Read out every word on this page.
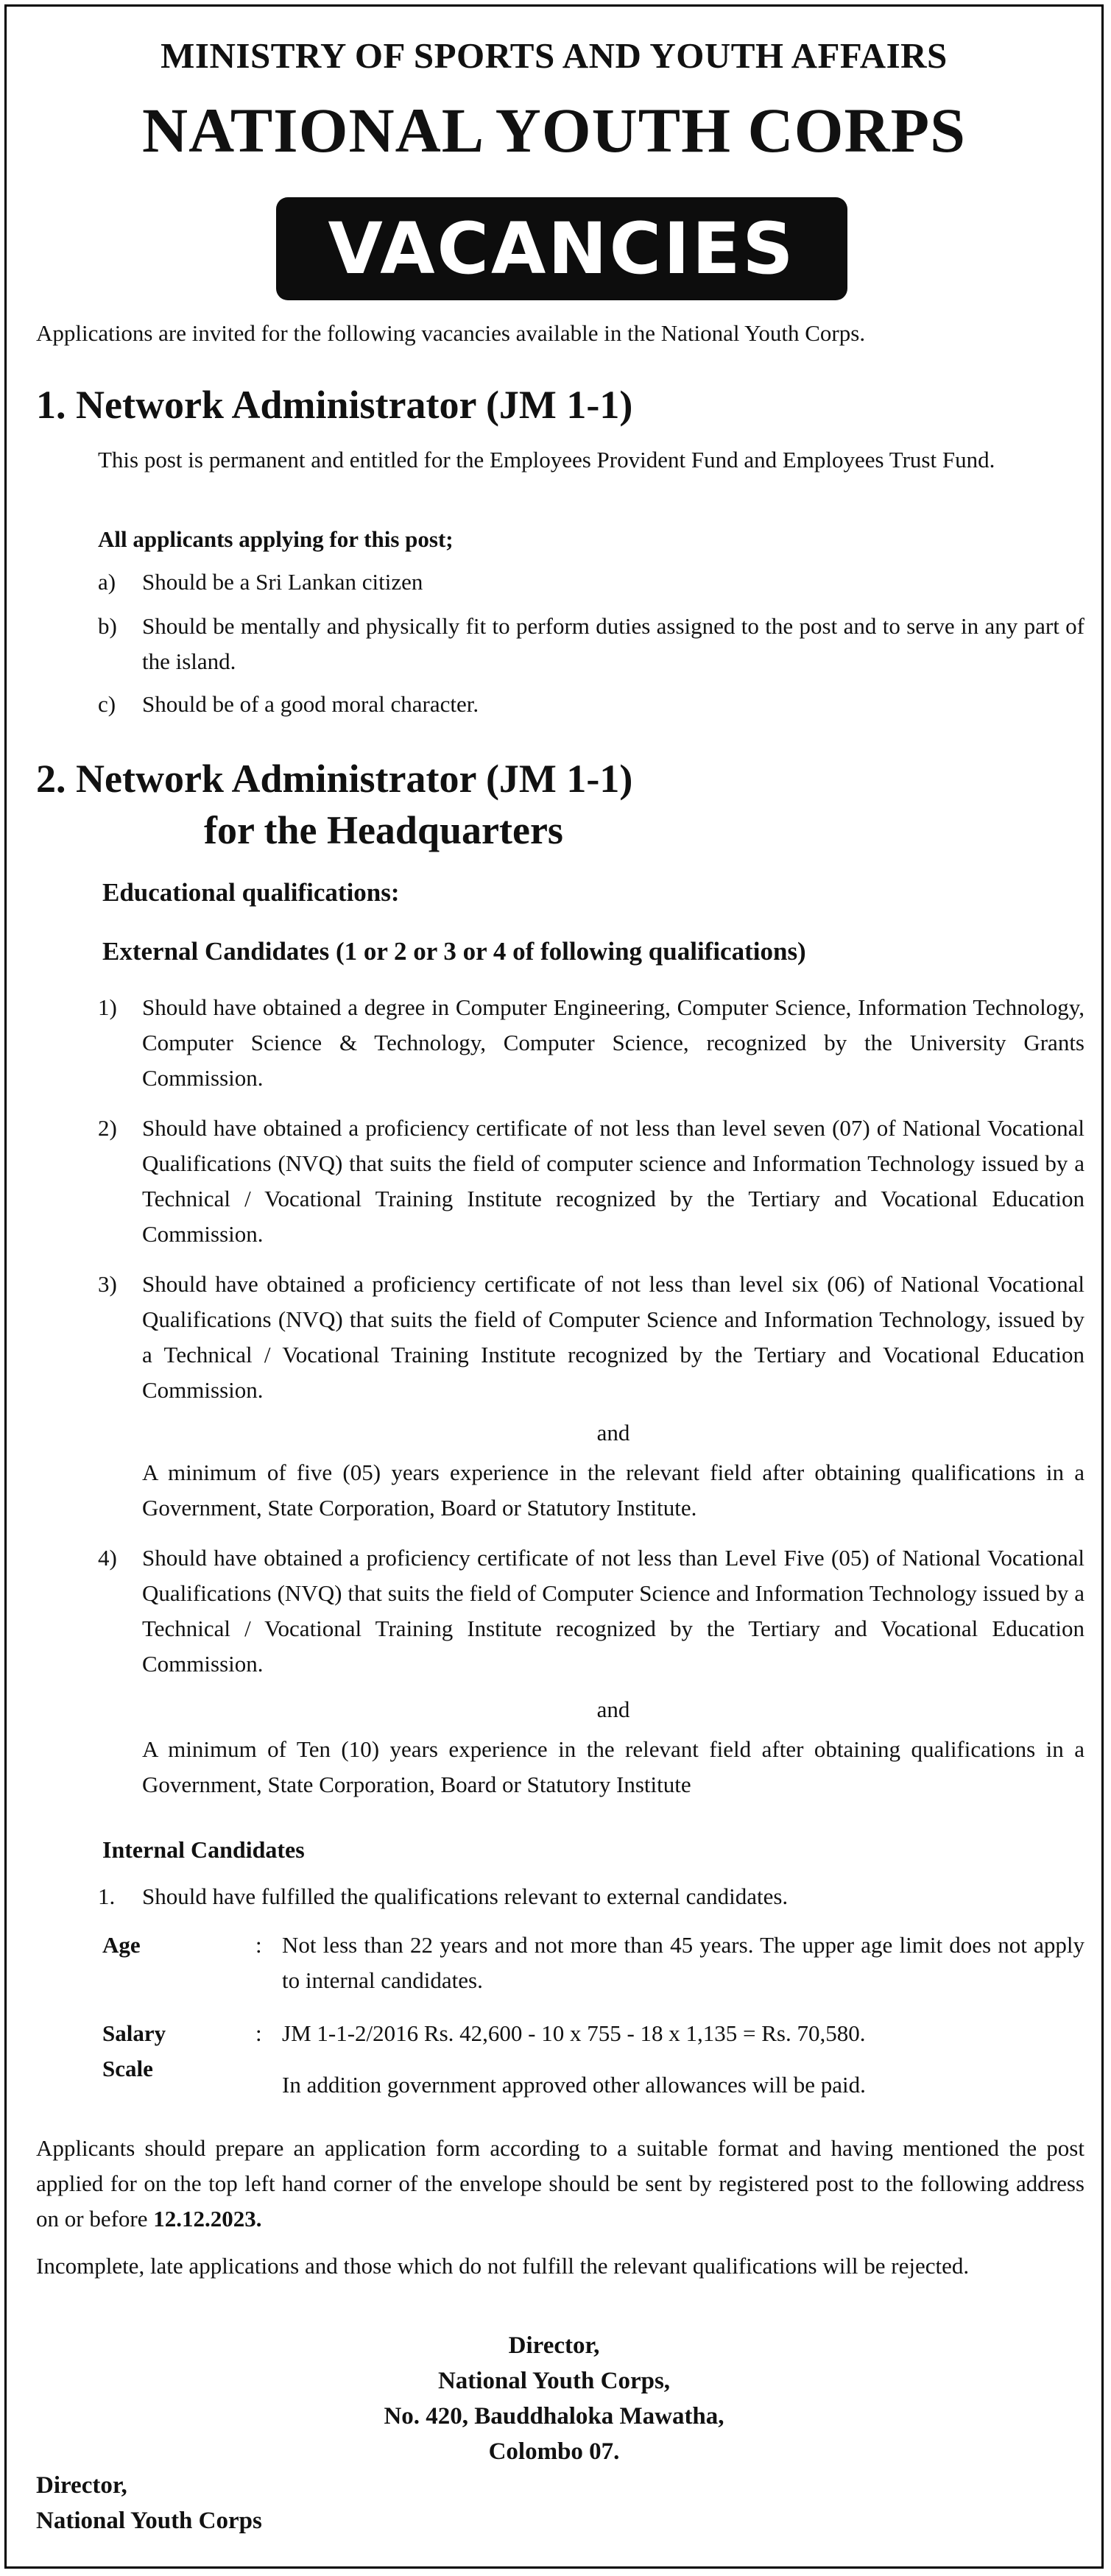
MINISTRY OF SPORTS AND YOUTH AFFAIRS
NATIONAL YOUTH CORPS
VACANCIES

Applications are invited for the following vacancies available in the National Youth Corps.

1. Network Administrator (JM 1-1)

This post is permanent and entitled for the Employees Provident Fund and Employees Trust Fund.

All applicants applying for this post;

a) Should be a Sri Lankan citizen
b) Should be mentally and physically fit to perform duties assigned to the post and to serve in any part of the island.
c) Should be of a good moral character.
2. Network Administrator (JM 1-1)
for the Headquarters
Educational qualifications:
External Candidates (1 or 2 or 3 or 4 of following qualifications)
1) Should have obtained a degree in Computer Engineering, Computer Science, Information Technology, Computer Science & Technology, Computer Science, recognized by the University Grants Commission.
2) Should have obtained a proficiency certificate of not less than level seven (07) of National Vocational Qualifications (NVQ) that suits the field of computer science and Information Technology issued by a Technical / Vocational Training Institute recognized by the Tertiary and Vocational Education Commission.
3) Should have obtained a proficiency certificate of not less than level six (06) of National Vocational Qualifications (NVQ) that suits the field of Computer Science and Information Technology, issued by a Technical / Vocational Training Institute recognized by the Tertiary and Vocational Education Commission.
and
A minimum of five (05) years experience in the relevant field after obtaining qualifications in a Government, State Corporation, Board or Statutory Institute.
4) Should have obtained a proficiency certificate of not less than Level Five (05) of National Vocational Qualifications (NVQ) that suits the field of Computer Science and Information Technology issued by a Technical / Vocational Training Institute recognized by the Tertiary and Vocational Education Commission.
and
A minimum of Ten (10) years experience in the relevant field after obtaining qualifications in a Government, State Corporation, Board or Statutory Institute
Internal Candidates
1. Should have fulfilled the qualifications relevant to external candidates.
Age	: Not less than 22 years and not more than 45 years. The upper age limit does not apply to internal candidates.
Salary Scale
: JM 1-1-2/2016 Rs. 42,600 - 10 x 755 - 18 x 1,135 = Rs. 70,580.
In addition government approved other allowances will be paid.

Applicants should prepare an application form according to a suitable format and having mentioned the post applied for on the top left hand corner of the envelope should be sent by registered post to the following address on or before 12.12.2023.

Incomplete, late applications and those which do not fulfill the relevant qualifications will be rejected.

Director,
National Youth Corps,
No. 420, Bauddhaloka Mawatha,
Colombo 07.
Director,
National Youth Corps
